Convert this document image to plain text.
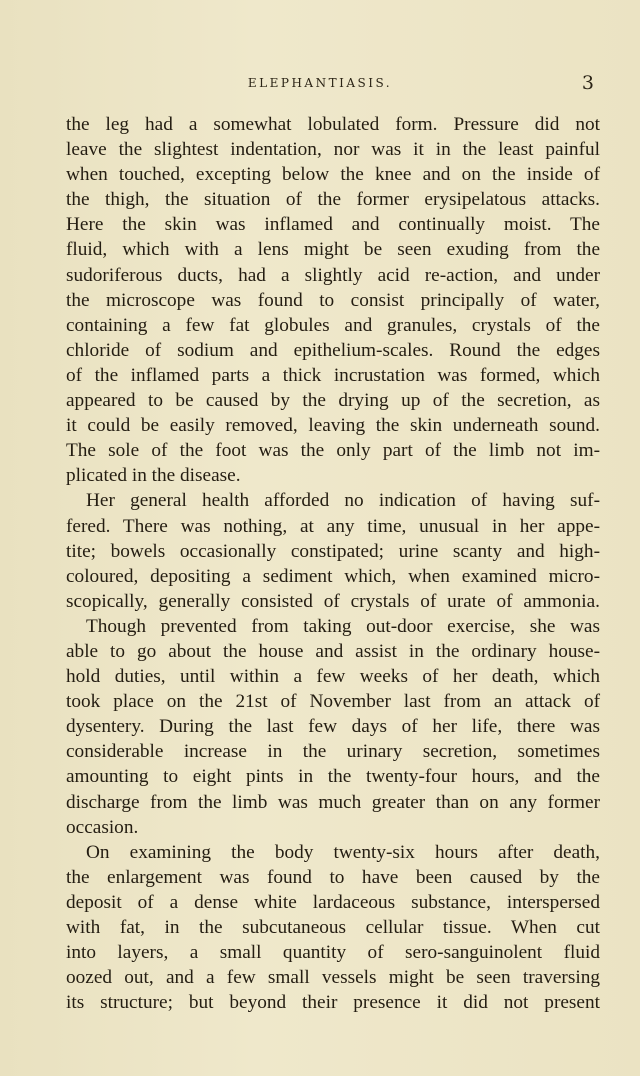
ELEPHANTIASIS.	3
the leg had a somewhat lobulated form. Pressure did not
leave the slightest indentation, nor was it in the least painful
when touched, excepting below the knee and on the inside of
the thigh, the situation of the former erysipelatous attacks.
Here the skin was inflamed and continually moist. The
fluid, which with a lens might be seen exuding from the
sudoriferous ducts, had a slightly acid re-action, and under
the microscope was found to consist principally of water,
containing a few fat globules and granules, crystals of the
chloride of sodium and epithelium-scales. Round the edges
of the inflamed parts a thick incrustation was formed, which
appeared to be caused by the drying up of the secretion, as
it could be easily removed, leaving the skin underneath sound.
The sole of the foot was the only part of the limb not im-
plicated in the disease.
Her general health afforded no indication of having suf-
fered. There was nothing, at any time, unusual in her appe-
tite; bowels occasionally constipated; urine scanty and high-
coloured, depositing a sediment which, when examined micro-
scopically, generally consisted of crystals of urate of ammonia.
Though prevented from taking out-door exercise, she was
able to go about the house and assist in the ordinary house-
hold duties, until within a few weeks of her death, which
took place on the 21st of November last from an attack of
dysentery. During the last few days of her life, there was
considerable increase in the urinary secretion, sometimes
amounting to eight pints in the twenty-four hours, and the
discharge from the limb was much greater than on any former
occasion.
On examining the body twenty-six hours after death,
the enlargement was found to have been caused by the
deposit of a dense white lardaceous substance, interspersed
with fat, in the subcutaneous cellular tissue. When cut
into layers, a small quantity of sero-sanguinolent fluid
oozed out, and a few small vessels might be seen traversing
its structure; but beyond their presence it did not present
